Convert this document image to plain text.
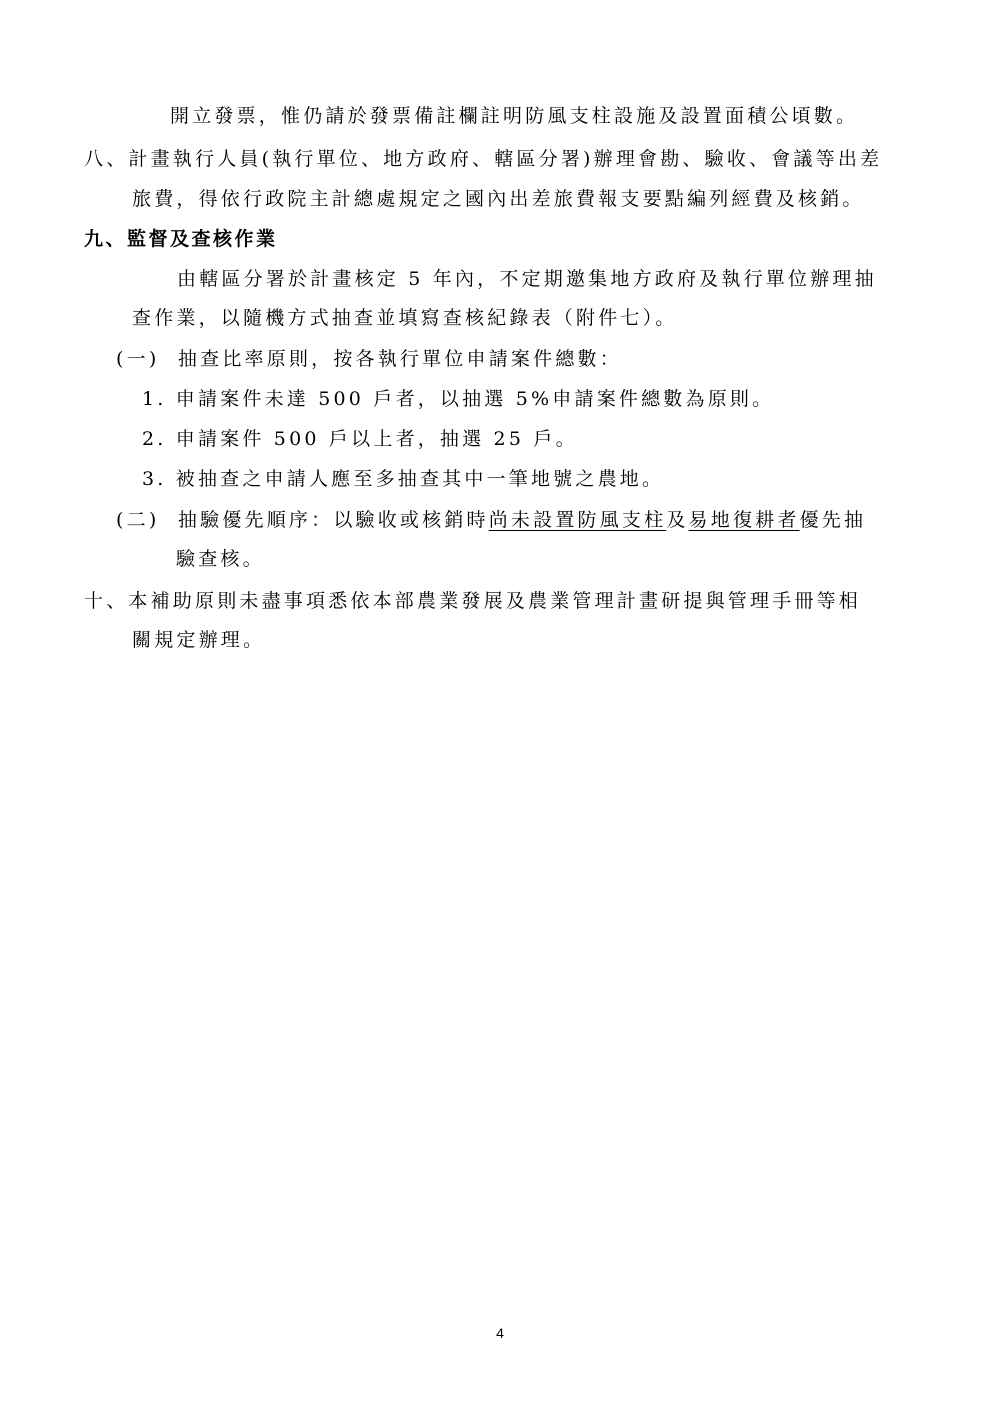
開立發票，惟仍請於發票備註欄註明防風支柱設施及設置面積公頃數。
八、計畫執行人員(執行單位、地方政府、轄區分署)辦理會勘、驗收、會議等出差
旅費，得依行政院主計總處規定之國內出差旅費報支要點編列經費及核銷。
九、監督及查核作業
由轄區分署於計畫核定 5 年內，不定期邀集地方政府及執行單位辦理抽
查作業，以隨機方式抽查並填寫查核紀錄表（附件七）。
(一) 抽查比率原則，按各執行單位申請案件總數：
1. 申請案件未達 500 戶者，以抽選 5%申請案件總數為原則。
2. 申請案件 500 戶以上者，抽選 25 戶。
3. 被抽查之申請人應至多抽查其中一筆地號之農地。
(二) 抽驗優先順序：以驗收或核銷時尚未設置防風支柱及易地復耕者優先抽
驗查核。
十、本補助原則未盡事項悉依本部農業發展及農業管理計畫研提與管理手冊等相
關規定辦理。
4
